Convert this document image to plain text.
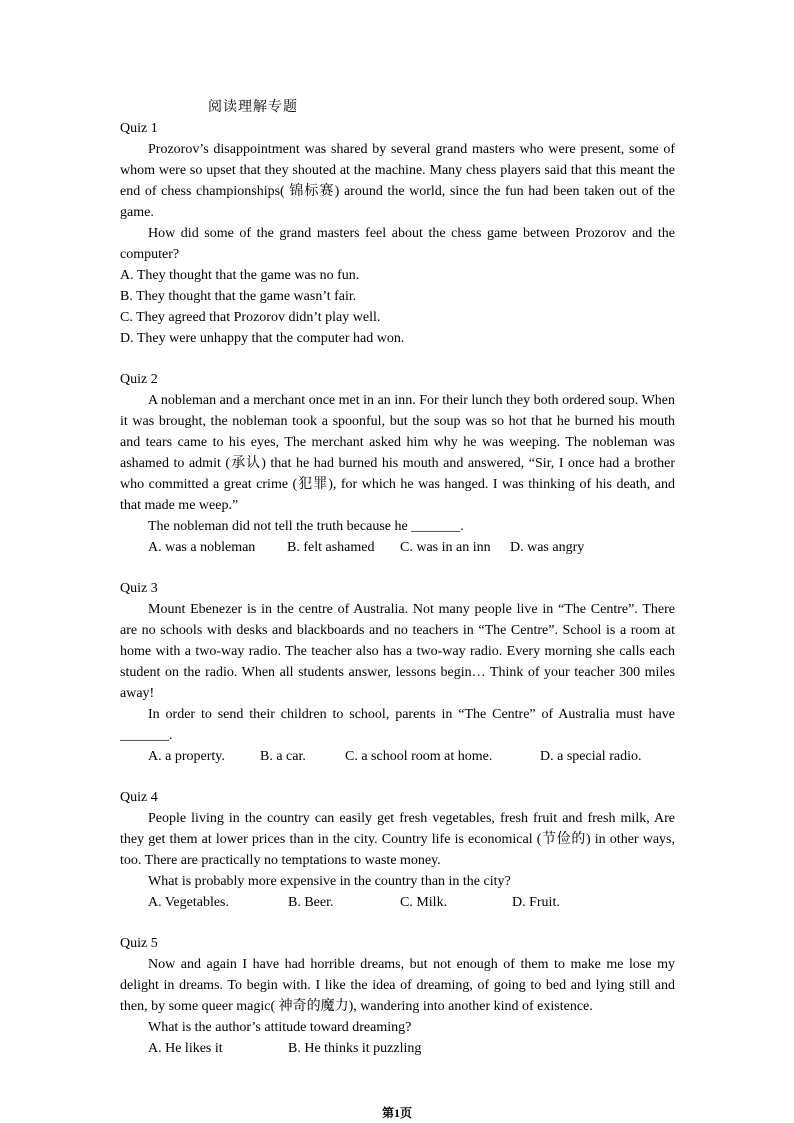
阅读理解专题

Quiz 1

Prozorov’s disappointment was shared by several grand masters who were present, some of whom were so upset that they shouted at the machine. Many chess players said that this meant the end of chess championships( 锦标赛) around the world, since the fun had been taken out of the game.

How did some of the grand masters feel about the chess game between Prozorov and the computer?

A. They thought that the game was no fun.

B. They thought that the game wasn’t fair.

C. They agreed that Prozorov didn’t play well.

D. They were unhappy that the computer had won.

Quiz 2

A nobleman and a merchant once met in an inn. For their lunch they both ordered soup. When it was brought, the nobleman took a spoonful, but the soup was so hot that he burned his mouth and tears came to his eyes, The merchant asked him why he was weeping. The nobleman was ashamed to admit (承认) that he had burned his mouth and answered, “Sir, I once had a brother who committed a great crime (犯罪), for which he was hanged. I was thinking of his death, and that made me weep.”

The nobleman did not tell the truth because he _______.

A. was a nobleman	B. felt ashamed	C. was in an inn	D. was angry

Quiz 3

Mount Ebenezer is in the centre of Australia. Not many people live in “The Centre”. There are no schools with desks and blackboards and no teachers in “The Centre”. School is a room at home with a two-way radio. The teacher also has a two-way radio. Every morning she calls each student on the radio. When all students answer, lessons begin… Think of your teacher 300 miles away!

In order to send their children to school, parents in “The Centre” of Australia must have _______.

A. a property.	B. a car.	C. a school room at home.	D. a special radio.

Quiz 4

People living in the country can easily get fresh vegetables, fresh fruit and fresh milk, Are they get them at lower prices than in the city. Country life is economical (节俭的) in other ways, too. There are practically no temptations to waste money.

What is probably more expensive in the country than in the city?

A. Vegetables.	B. Beer.	C. Milk.	D. Fruit.

Quiz 5

Now and again I have had horrible dreams, but not enough of them to make me lose my delight in dreams. To begin with. I like the idea of dreaming, of going to bed and lying still and then, by some queer magic( 神奇的魔力), wandering into another kind of existence.

What is the author’s attitude toward dreaming?

A. He likes it	B. He thinks it puzzling
第1页
